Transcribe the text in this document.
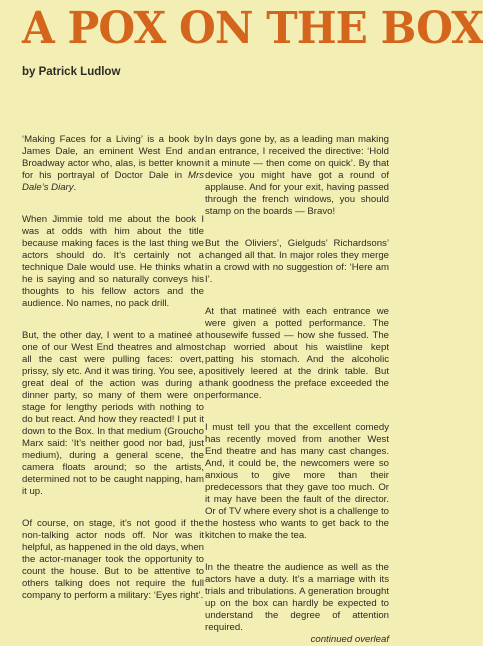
A POX ON THE BOX
by Patrick Ludlow

‘Making Faces for a Living’ is a book by James Dale, an eminent West End and Broadway actor who, alas, is better known for his portrayal of Doctor Dale in Mrs Dale’s Diary.

When Jimmie told me about the book I was at odds with him about the title because making faces is the last thing we actors should do. It’s certainly not a technique Dale would use. He thinks what he is saying and so naturally conveys his thoughts to his fellow actors and the audience. No names, no pack drill.

But, the other day, I went to a matineé at one of our West End theatres and almost all the cast were pulling faces: overt, prissy, sly etc. And it was tiring. You see, a great deal of the action was during a dinner party, so many of them were on stage for lengthy periods with nothing to do but react. And how they reacted! I put it down to the Box. In that medium (Groucho Marx said: ‘It’s neither good nor bad, just medium), during a general scene, the camera floats around; so the artists, determined not to be caught napping, ham it up.

Of course, on stage, it’s not good if the non-talking actor nods off. Nor was it helpful, as happened in the old days, when the actor-manager took the opportunity to count the house. But to be attentive to others talking does not require the full company to perform a military: ‘Eyes right’.

In days gone by, as a leading man making an entrance, I received the directive: ‘Hold it a minute — then come on quick’. By that device you might have got a round of applause. And for your exit, having passed through the french windows, you should stamp on the boards — Bravo!

But the Oliviers’, Gielguds’ Richardsons’ changed all that. In major roles they merge in a crowd with no suggestion of: ‘Here am I’.

At that matineé with each entrance we were given a potted performance. The housewife fussed — how she fussed. The chap worried about his waistline kept patting his stomach. And the alcoholic positively leered at the drink table. But thank goodness the preface exceeded the performance.

I must tell you that the excellent comedy has recently moved from another West End theatre and has many cast changes. And, it could be, the newcomers were so anxious to give more than their predecessors that they gave too much. Or it may have been the fault of the director. Or of TV where every shot is a challenge to the hostess who wants to get back to the kitchen to make the tea.

In the theatre the audience as well as the actors have a duty. It’s a marriage with its trials and tribulations. A generation brought up on the box can hardly be expected to understand the degree of attention required.

continued overleaf
